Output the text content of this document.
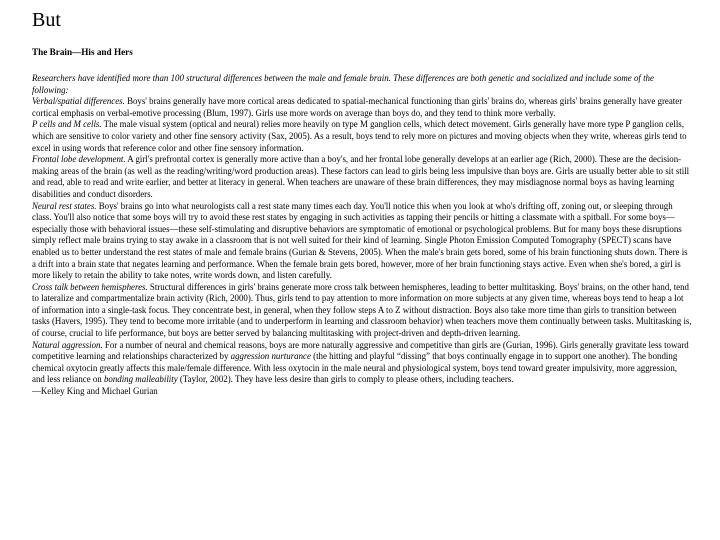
But
The Brain—His and Hers

Researchers have identified more than 100 structural differences between the male and female brain. These differences are both genetic and socialized and include some of the following:

Verbal/spatial differences. Boys' brains generally have more cortical areas dedicated to spatial-mechanical functioning than girls' brains do, whereas girls' brains generally have greater cortical emphasis on verbal-emotive processing (Blum, 1997). Girls use more words on average than boys do, and they tend to think more verbally.

P cells and M cells. The male visual system (optical and neural) relies more heavily on type M ganglion cells, which detect movement. Girls generally have more type P ganglion cells, which are sensitive to color variety and other fine sensory activity (Sax, 2005). As a result, boys tend to rely more on pictures and moving objects when they write, whereas girls tend to excel in using words that reference color and other fine sensory information.

Frontal lobe development. A girl's prefrontal cortex is generally more active than a boy's, and her frontal lobe generally develops at an earlier age (Rich, 2000). These are the decision-making areas of the brain (as well as the reading/writing/word production areas). These factors can lead to girls being less impulsive than boys are. Girls are usually better able to sit still and read, able to read and write earlier, and better at literacy in general. When teachers are unaware of these brain differences, they may misdiagnose normal boys as having learning disabilities and conduct disorders.

Neural rest states. Boys' brains go into what neurologists call a rest state many times each day. You'll notice this when you look at who's drifting off, zoning out, or sleeping through class. You'll also notice that some boys will try to avoid these rest states by engaging in such activities as tapping their pencils or hitting a classmate with a spitball. For some boys—especially those with behavioral issues—these self-stimulating and disruptive behaviors are symptomatic of emotional or psychological problems. But for many boys these disruptions simply reflect male brains trying to stay awake in a classroom that is not well suited for their kind of learning. Single Photon Emission Computed Tomography (SPECT) scans have enabled us to better understand the rest states of male and female brains (Gurian & Stevens, 2005). When the male's brain gets bored, some of his brain functioning shuts down. There is a drift into a brain state that negates learning and performance. When the female brain gets bored, however, more of her brain functioning stays active. Even when she's bored, a girl is more likely to retain the ability to take notes, write words down, and listen carefully.

Cross talk between hemispheres. Structural differences in girls' brains generate more cross talk between hemispheres, leading to better multitasking. Boys' brains, on the other hand, tend to lateralize and compartmentalize brain activity (Rich, 2000). Thus, girls tend to pay attention to more information on more subjects at any given time, whereas boys tend to heap a lot of information into a single-task focus. They concentrate best, in general, when they follow steps A to Z without distraction. Boys also take more time than girls to transition between tasks (Havers, 1995). They tend to become more irritable (and to underperform in learning and classroom behavior) when teachers move them continually between tasks. Multitasking is, of course, crucial to life performance, but boys are better served by balancing multitasking with project-driven and depth-driven learning.

Natural aggression. For a number of neural and chemical reasons, boys are more naturally aggressive and competitive than girls are (Gurian, 1996). Girls generally gravitate less toward competitive learning and relationships characterized by aggression nurturance (the hitting and playful “dissing” that boys continually engage in to support one another). The bonding chemical oxytocin greatly affects this male/female difference. With less oxytocin in the male neural and physiological system, boys tend toward greater impulsivity, more aggression, and less reliance on bonding malleability (Taylor, 2002). They have less desire than girls to comply to please others, including teachers.

—Kelley King and Michael Gurian
